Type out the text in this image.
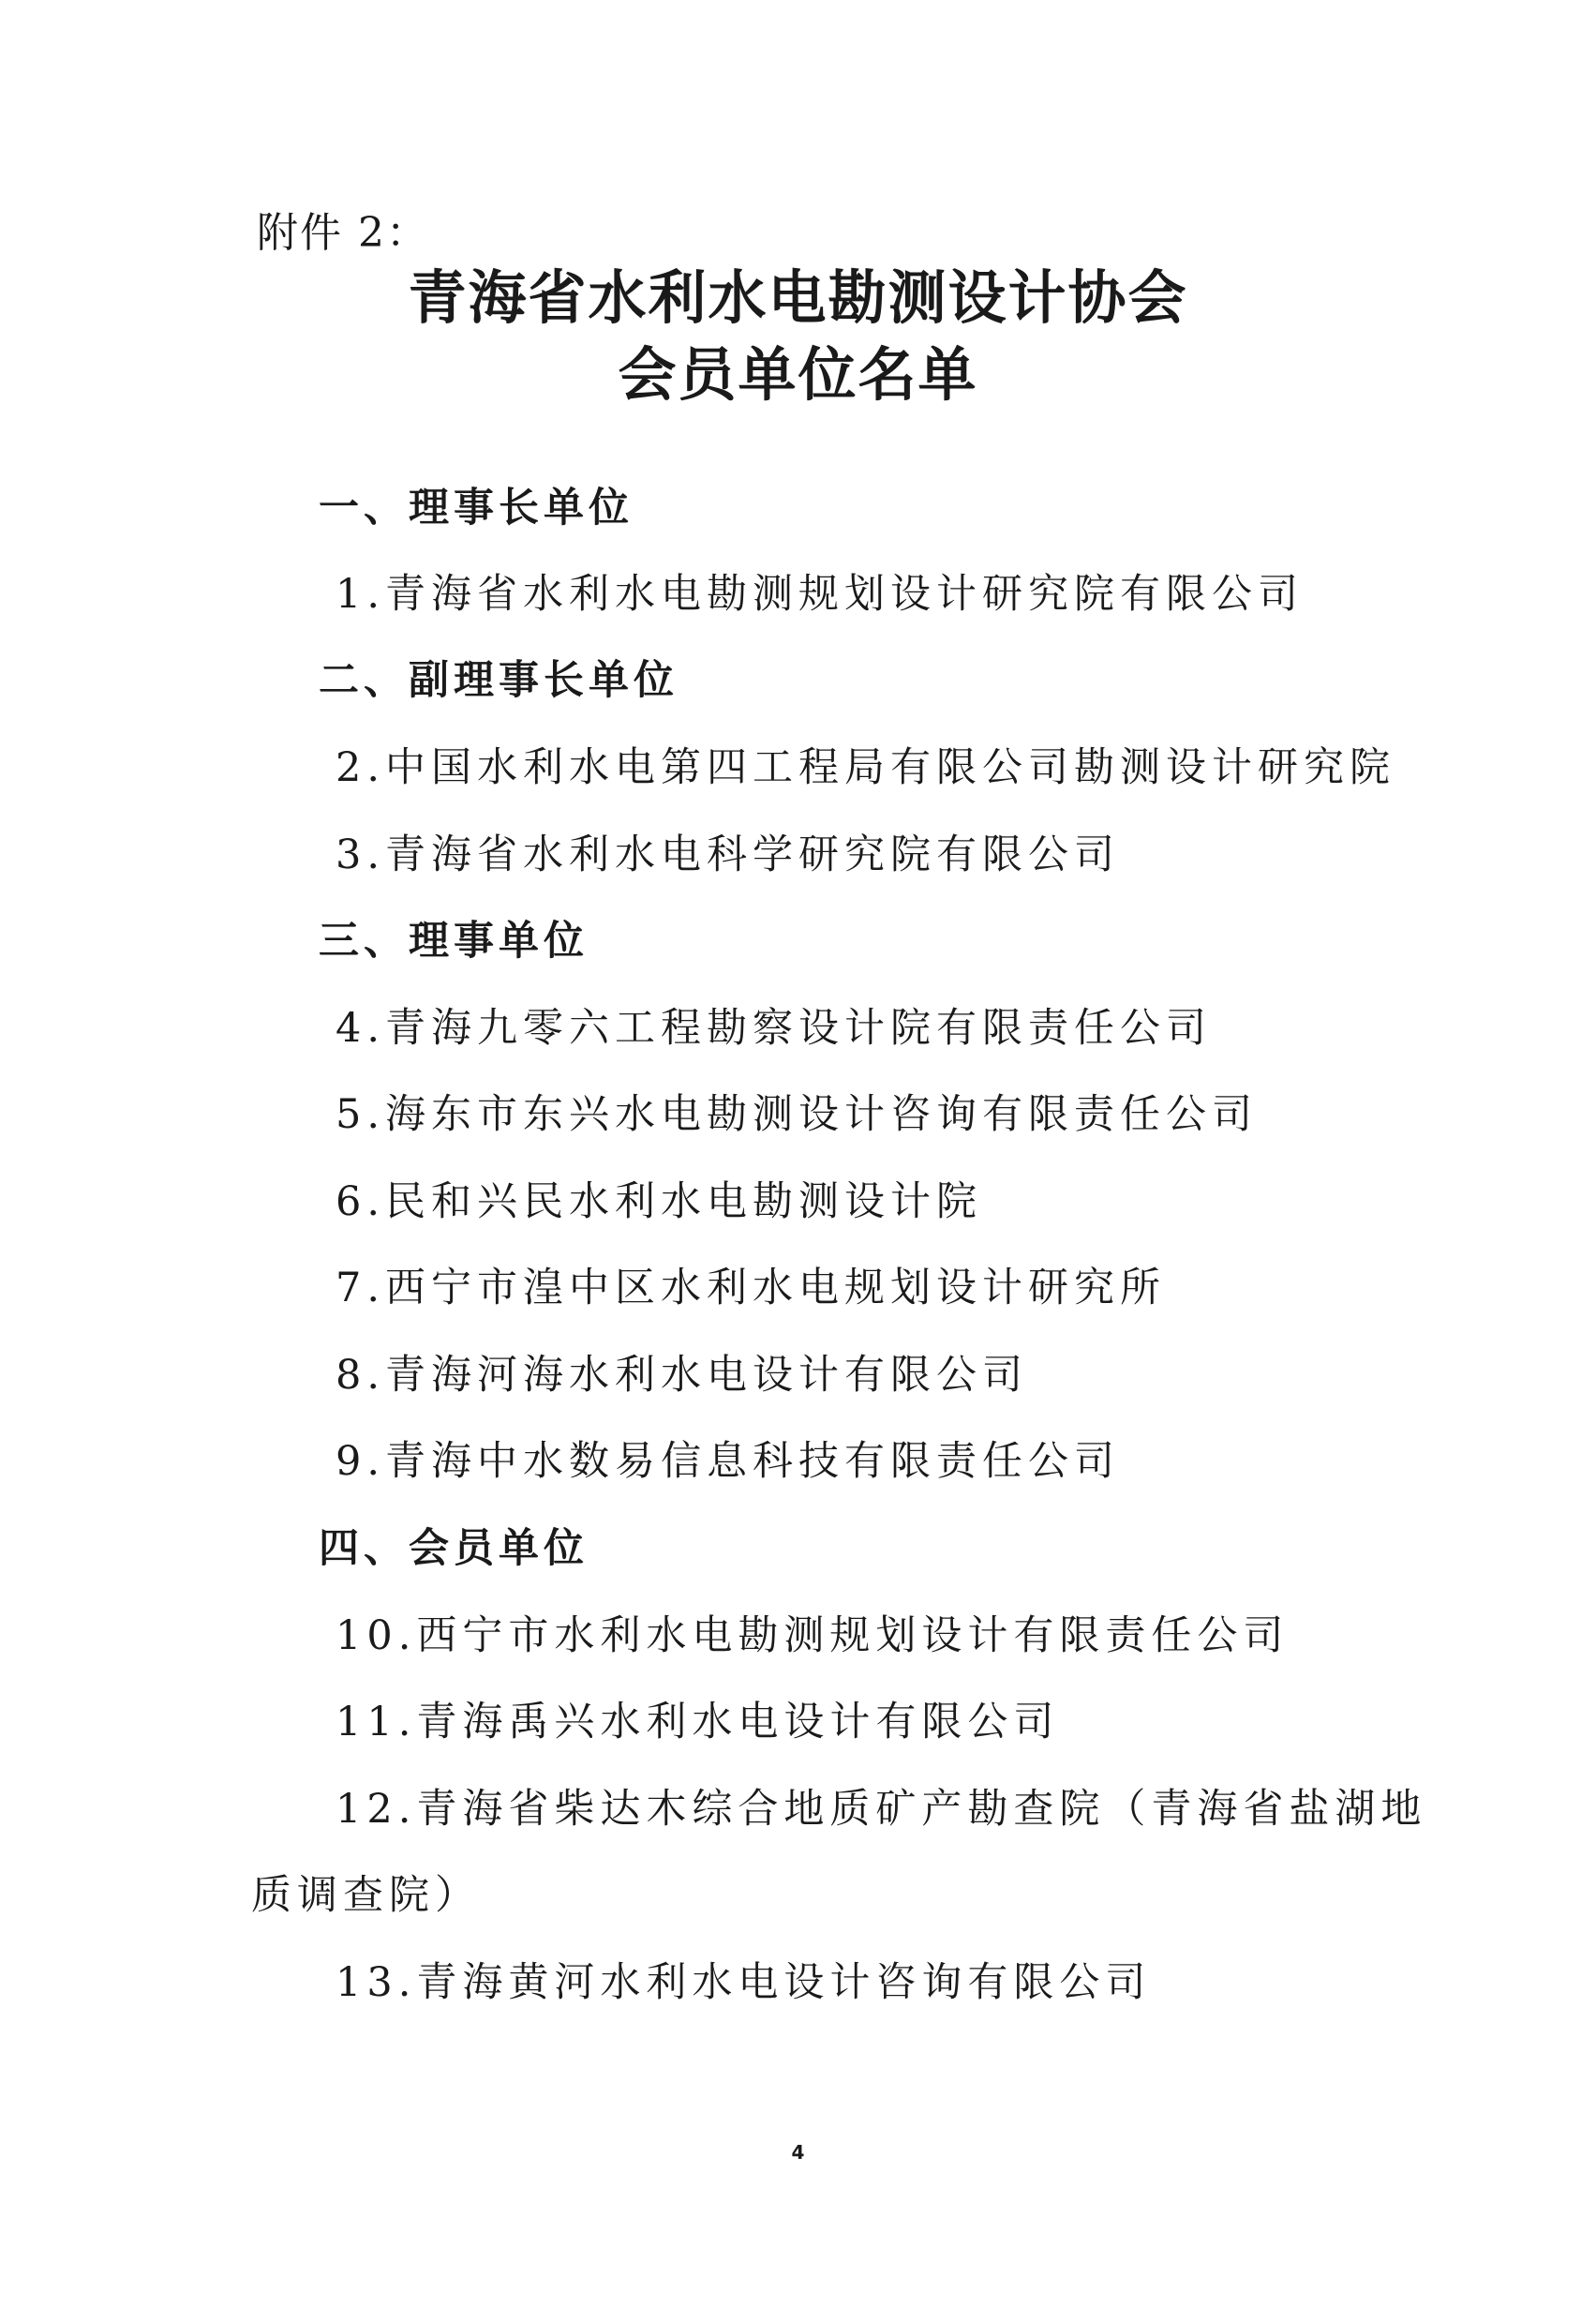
附件 2：
青海省水利水电勘测设计协会
会员单位名单
一、理事长单位
1.青海省水利水电勘测规划设计研究院有限公司
二、副理事长单位
2.中国水利水电第四工程局有限公司勘测设计研究院
3.青海省水利水电科学研究院有限公司
三、理事单位
4.青海九零六工程勘察设计院有限责任公司
5.海东市东兴水电勘测设计咨询有限责任公司
6.民和兴民水利水电勘测设计院
7.西宁市湟中区水利水电规划设计研究所
8.青海河海水利水电设计有限公司
9.青海中水数易信息科技有限责任公司
四、会员单位
10.西宁市水利水电勘测规划设计有限责任公司
11.青海禹兴水利水电设计有限公司
12.青海省柴达木综合地质矿产勘查院（青海省盐湖地
质调查院）
13.青海黄河水利水电设计咨询有限公司
4
